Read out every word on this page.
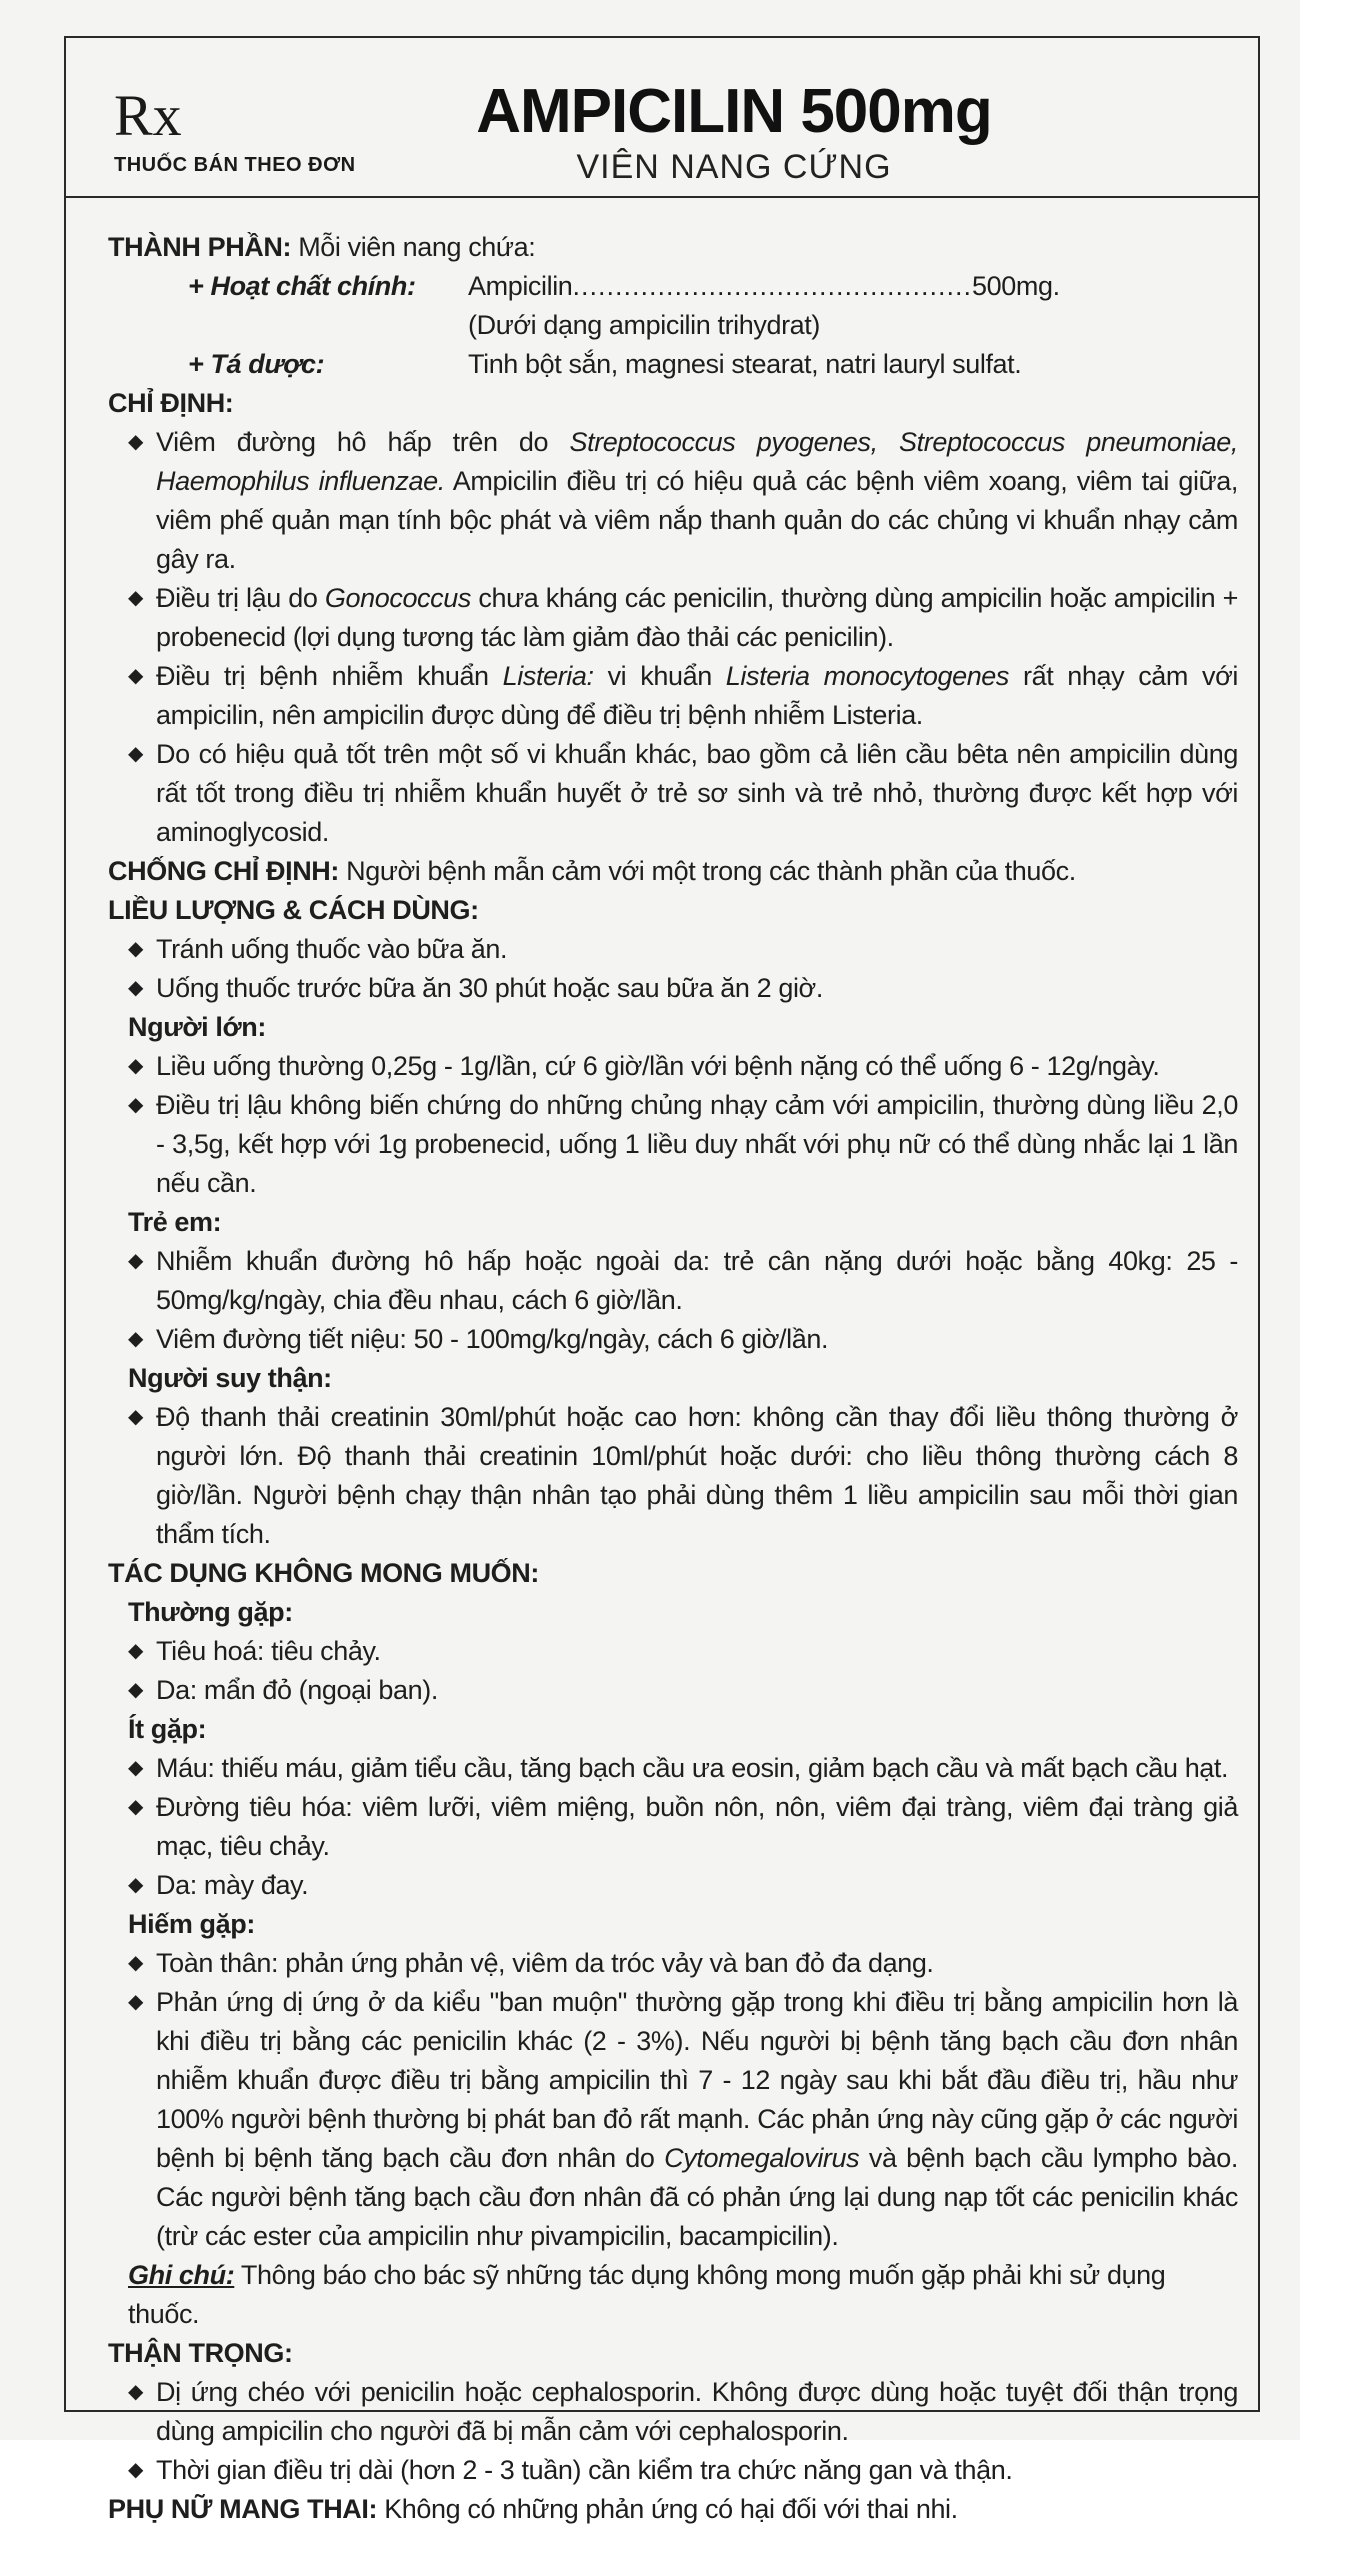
Rx
THUỐC BÁN THEO ĐƠN
AMPICILIN 500mg
VIÊN NANG CỨNG

THÀNH PHẦN: Mỗi viên nang chứa:

+ Hoạt chất chính:	Ampicilin...............................................500mg.
(Dưới dạng ampicilin trihydrat)
+ Tá dược:	Tinh bột sắn, magnesi stearat, natri lauryl sulfat.

CHỈ ĐỊNH:

◆ Viêm đường hô hấp trên do Streptococcus pyogenes, Streptococcus pneumoniae, Haemophilus influenzae. Ampicilin điều trị có hiệu quả các bệnh viêm xoang, viêm tai giữa, viêm phế quản mạn tính bộc phát và viêm nắp thanh quản do các chủng vi khuẩn nhạy cảm gây ra.

◆ Điều trị lậu do Gonococcus chưa kháng các penicilin, thường dùng ampicilin hoặc ampicilin + probenecid (lợi dụng tương tác làm giảm đào thải các penicilin).

◆ Điều trị bệnh nhiễm khuẩn Listeria: vi khuẩn Listeria monocytogenes rất nhạy cảm với ampicilin, nên ampicilin được dùng để điều trị bệnh nhiễm Listeria.

◆ Do có hiệu quả tốt trên một số vi khuẩn khác, bao gồm cả liên cầu bêta nên ampicilin dùng rất tốt trong điều trị nhiễm khuẩn huyết ở trẻ sơ sinh và trẻ nhỏ, thường được kết hợp với aminoglycosid.

CHỐNG CHỈ ĐỊNH: Người bệnh mẫn cảm với một trong các thành phần của thuốc.

LIỀU LƯỢNG & CÁCH DÙNG:

◆ Tránh uống thuốc vào bữa ăn.

◆ Uống thuốc trước bữa ăn 30 phút hoặc sau bữa ăn 2 giờ.

Người lớn:

◆ Liều uống thường 0,25g - 1g/lần, cứ 6 giờ/lần với bệnh nặng có thể uống 6 - 12g/ngày.

◆ Điều trị lậu không biến chứng do những chủng nhạy cảm với ampicilin, thường dùng liều 2,0 - 3,5g, kết hợp với 1g probenecid, uống 1 liều duy nhất với phụ nữ có thể dùng nhắc lại 1 lần nếu cần.

Trẻ em:

◆ Nhiễm khuẩn đường hô hấp hoặc ngoài da: trẻ cân nặng dưới hoặc bằng 40kg: 25 - 50mg/kg/ngày, chia đều nhau, cách 6 giờ/lần.

◆ Viêm đường tiết niệu: 50 - 100mg/kg/ngày, cách 6 giờ/lần.

Người suy thận:

◆ Độ thanh thải creatinin 30ml/phút hoặc cao hơn: không cần thay đổi liều thông thường ở người lớn. Độ thanh thải creatinin 10ml/phút hoặc dưới: cho liều thông thường cách 8 giờ/lần. Người bệnh chạy thận nhân tạo phải dùng thêm 1 liều ampicilin sau mỗi thời gian thẩm tích.

TÁC DỤNG KHÔNG MONG MUỐN:

Thường gặp:

◆ Tiêu hoá: tiêu chảy.

◆ Da: mẩn đỏ (ngoại ban).

Ít gặp:

◆ Máu: thiếu máu, giảm tiểu cầu, tăng bạch cầu ưa eosin, giảm bạch cầu và mất bạch cầu hạt.

◆ Đường tiêu hóa: viêm lưỡi, viêm miệng, buồn nôn, nôn, viêm đại tràng, viêm đại tràng giả mạc, tiêu chảy.

◆ Da: mày đay.

Hiếm gặp:

◆ Toàn thân: phản ứng phản vệ, viêm da tróc vảy và ban đỏ đa dạng.

◆ Phản ứng dị ứng ở da kiểu "ban muộn" thường gặp trong khi điều trị bằng ampicilin hơn là khi điều trị bằng các penicilin khác (2 - 3%). Nếu người bị bệnh tăng bạch cầu đơn nhân nhiễm khuẩn được điều trị bằng ampicilin thì 7 - 12 ngày sau khi bắt đầu điều trị, hầu như 100% người bệnh thường bị phát ban đỏ rất mạnh. Các phản ứng này cũng gặp ở các người bệnh bị bệnh tăng bạch cầu đơn nhân do Cytomegalovirus và bệnh bạch cầu lympho bào. Các người bệnh tăng bạch cầu đơn nhân đã có phản ứng lại dung nạp tốt các penicilin khác (trừ các ester của ampicilin như pivampicilin, bacampicilin).

Ghi chú: Thông báo cho bác sỹ những tác dụng không mong muốn gặp phải khi sử dụng thuốc.

THẬN TRỌNG:

◆ Dị ứng chéo với penicilin hoặc cephalosporin. Không được dùng hoặc tuyệt đối thận trọng dùng ampicilin cho người đã bị mẫn cảm với cephalosporin.

◆ Thời gian điều trị dài (hơn 2 - 3 tuần) cần kiểm tra chức năng gan và thận.

PHỤ NỮ MANG THAI: Không có những phản ứng có hại đối với thai nhi.
